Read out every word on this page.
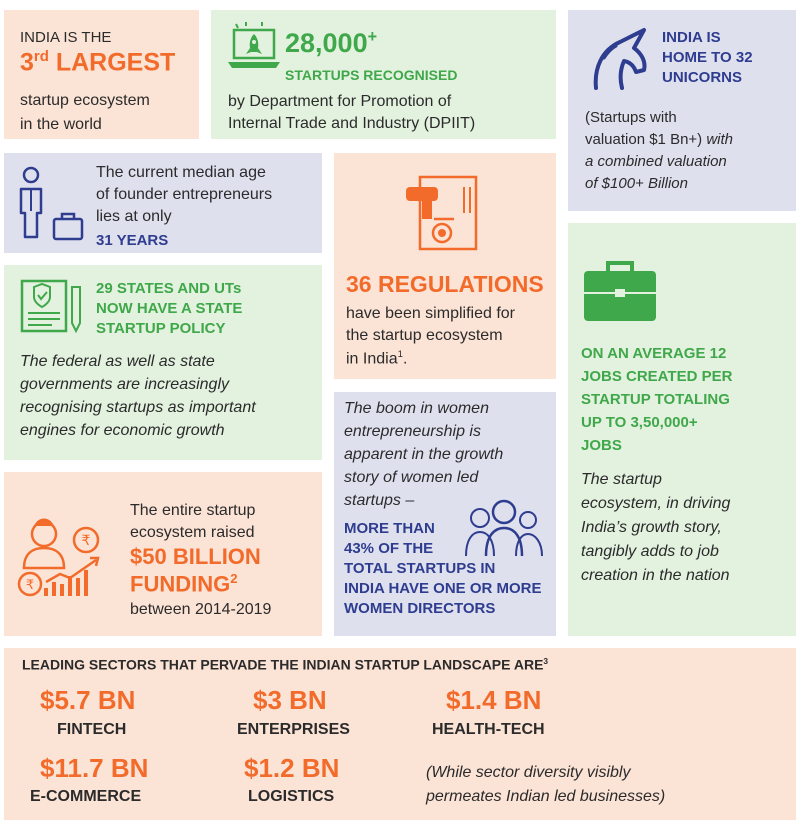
INDIA IS THE

3rd LARGEST

startup ecosystem

in the world

28,000+

STARTUPS RECOGNISED

by Department for Promotion of

Internal Trade and Industry (DPIIT)

INDIA IS

HOME TO 32

UNICORNS

(Startups with

valuation $1 Bn+) with

a combined valuation

of $100+ Billion

The current median age

of founder entrepreneurs

lies at only

31 YEARS

36 REGULATIONS

have been simplified for

the startup ecosystem

in India$^1$.	ON AN AVERAGE 12

JOBS CREATED PER

STARTUP TOTALING

UP TO 3,50,000+

JOBS

The startup

ecosystem, in driving

India’s growth story,

tangibly adds to job

creation in the nation

29 STATES AND UTs

NOW HAVE A STATE

STARTUP POLICY

The federal as well as state

governments are increasingly

recognising startups as important

engines for economic growth

The boom in women

entrepreneurship is

apparent in the growth

story of women led

startups –

MORE THAN

43% OF THE

TOTAL STARTUPS IN

INDIA HAVE ONE OR MORE

WOMEN DIRECTORS

₹
₹

The entire startup

ecosystem raised

$50 BILLION

FUNDING$^2$

between 2014-2019

LEADING SECTORS THAT PERVADE THE INDIAN STARTUP LANDSCAPE ARE$^3$

$5.7 BN

FINTECH

$3 BN

ENTERPRISES

$1.4 BN

HEALTH-TECH

$11.7 BN

E-COMMERCE

$1.2 BN

LOGISTICS

(While sector diversity visibly

permeates Indian led businesses)
